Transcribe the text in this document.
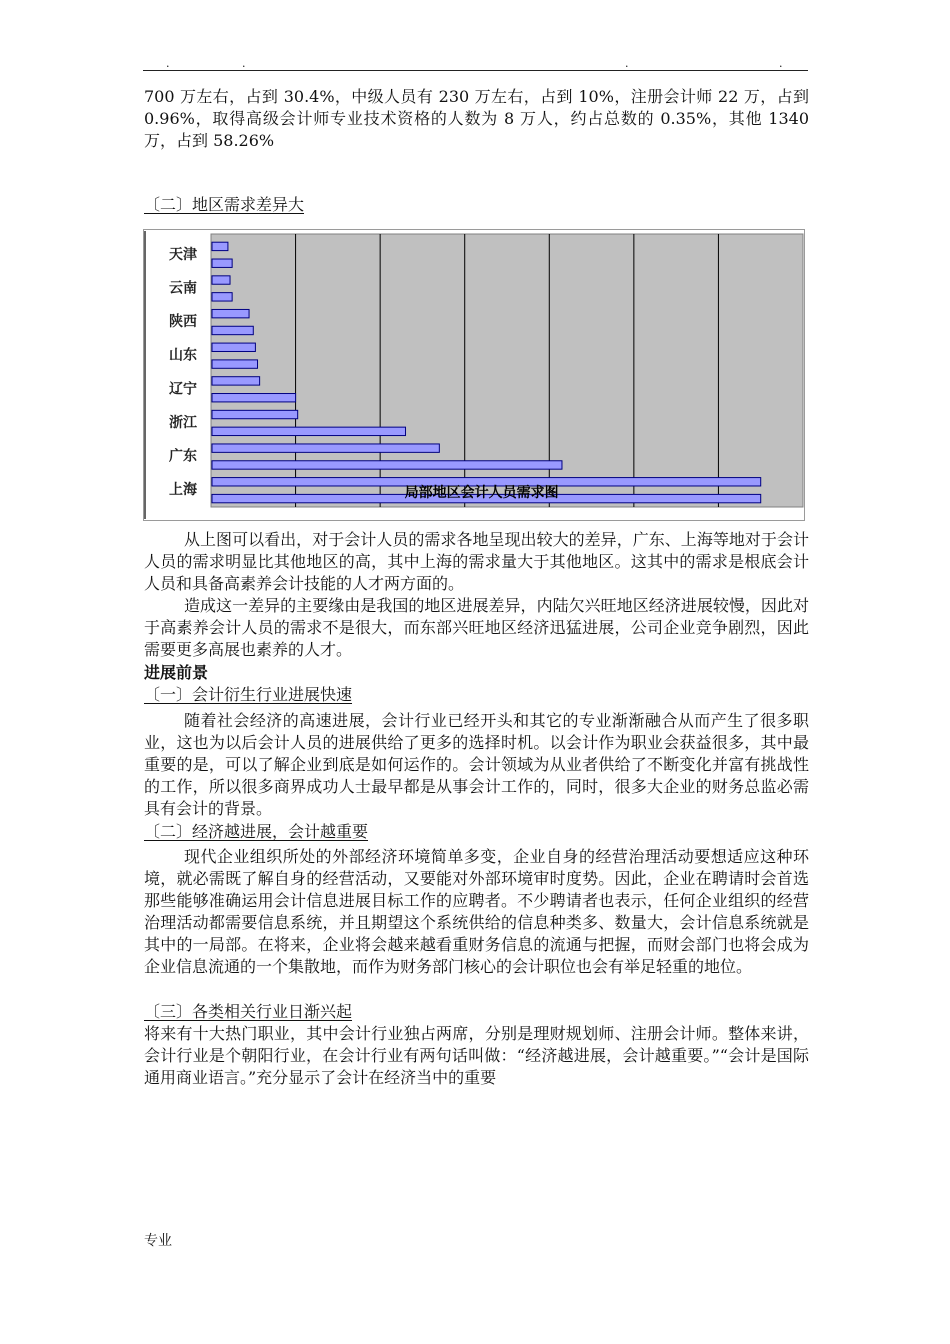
.	.	.	.

700 万左右，占到 30.4%，中级人员有 230 万左右，占到 10%，注册会计师 22 万，占到 0.96%，取得高级会计师专业技术资格的人数为 8 万人，约占总数的 0.35%，其他 1340 万，占到 58.26%

〔二〕地区需求差异大
天津
云南
陕西
山东
辽宁
浙江
广东
上海	局部地区会计人员需求图

从上图可以看出，对于会计人员的需求各地呈现出较大的差异，广东、上海等地对于会计人员的需求明显比其他地区的高，其中上海的需求量大于其他地区。这其中的需求是根底会计人员和具备高素养会计技能的人才两方面的。

造成这一差异的主要缘由是我国的地区进展差异，内陆欠兴旺地区经济进展较慢，因此对于高素养会计人员的需求不是很大，而东部兴旺地区经济迅猛进展，公司企业竞争剧烈，因此需要更多高展也素养的人才。

进展前景
〔一〕会计衍生行业进展快速

随着社会经济的高速进展，会计行业已经开头和其它的专业渐渐融合从而产生了很多职业，这也为以后会计人员的进展供给了更多的选择时机。以会计作为职业会获益很多，其中最重要的是，可以了解企业到底是如何运作的。会计领域为从业者供给了不断变化并富有挑战性的工作，所以很多商界成功人士最早都是从事会计工作的，同时，很多大企业的财务总监必需具有会计的背景。

〔二〕经济越进展，会计越重要

现代企业组织所处的外部经济环境简单多变，企业自身的经营治理活动要想适应这种环境，就必需既了解自身的经营活动，又要能对外部环境审时度势。因此，企业在聘请时会首选那些能够准确运用会计信息进展目标工作的应聘者。不少聘请者也表示，任何企业组织的经营治理活动都需要信息系统，并且期望这个系统供给的信息种类多、数量大，会计信息系统就是其中的一局部。在将来，企业将会越来越看重财务信息的流通与把握，而财会部门也将会成为企业信息流通的一个集散地，而作为财务部门核心的会计职位也会有举足轻重的地位。

〔三〕各类相关行业日渐兴起

将来有十大热门职业，其中会计行业独占两席，分别是理财规划师、注册会计师。整体来讲，会计行业是个朝阳行业，在会计行业有两句话叫做：“经济越进展，会计越重要。”“会计是国际通用商业语言。”充分显示了会计在经济当中的重要

专业
